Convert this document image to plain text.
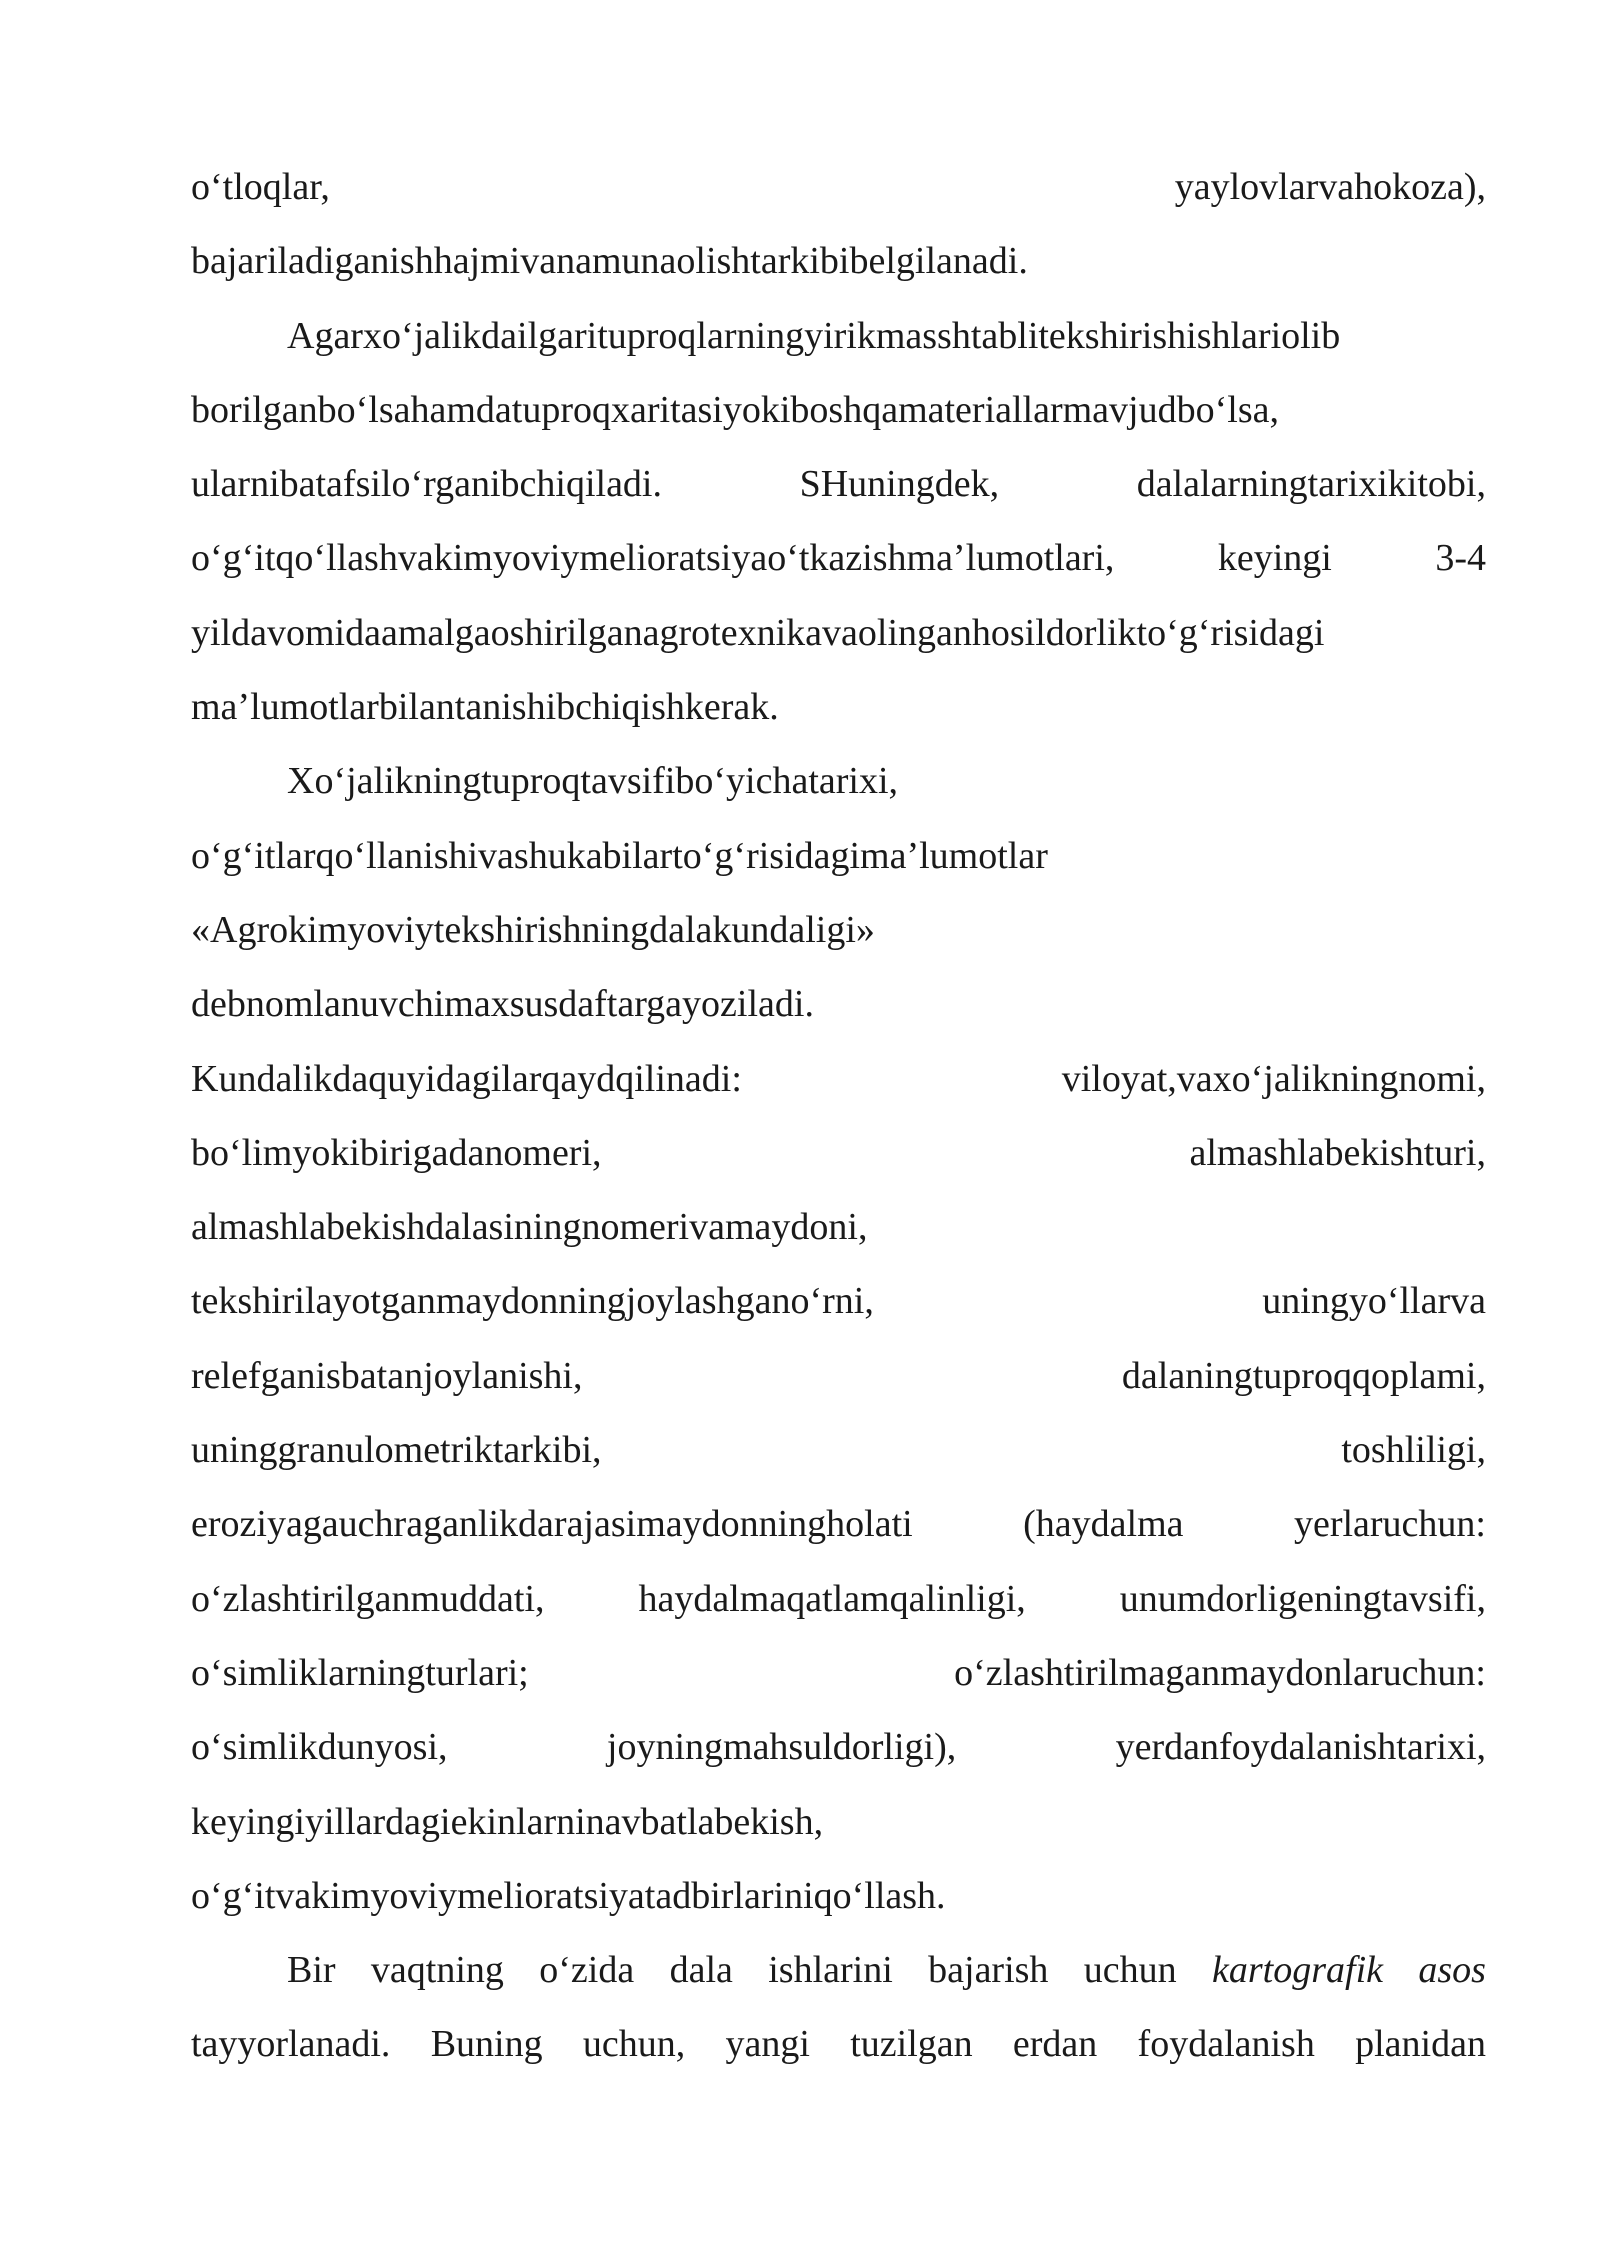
o‘tloqlar,	yaylovlarvahokoza),
bajariladiganishhajmivanamunaolishtarkibibelgilanadi.
Agarxo‘jalikdailgarituproqlarningyirikmasshtablitekshirishishlariolib
borilganbo‘lsahamdatuproqxaritasiyokiboshqamateriallarmavjudbo‘lsa,
ularnibatafsilo‘rganibchiqiladi.	SHuningdek,	dalalarningtarixikitobi,
o‘g‘itqo‘llashvakimyoviymelioratsiyao‘tkazishma’lumotlari,	keyingi	3-4
yildavomidaamalgaoshirilganagrotexnikavaolinganhosildorlikto‘g‘risidagi
ma’lumotlarbilantanishibchiqishkerak.
Xo‘jalikningtuproqtavsifibo‘yichatarixi,
o‘g‘itlarqo‘llanishivashukabilarto‘g‘risidagima’lumotlar
«Agrokimyoviytekshirishningdalakundaligi»
debnomlanuvchimaxsusdaftargayoziladi.
Kundalikdaquyidagilarqaydqilinadi:	viloyat,vaxo‘jalikningnomi,
bo‘limyokibirigadanomeri,	almashlabekishturi,
almashlabekishdalasiningnomerivamaydoni,
tekshirilayotganmaydonningjoylashgano‘rni,	uningyo‘llarva
relefganisbatanjoylanishi,	dalaningtuproqqoplami,
uninggranulometriktarkibi,	toshliligi,
eroziyagauchraganlikdarajasimaydonningholati	(haydalma	yerlaruchun:
o‘zlashtirilganmuddati, haydalmaqatlamqalinligi, unumdorligeningtavsifi,
o‘simliklarningturlari;	o‘zlashtirilmaganmaydonlaruchun:
o‘simlikdunyosi,	joyningmahsuldorligi),	yerdanfoydalanishtarixi,
keyingiyillardagiekinlarninavbatlabekish,
o‘g‘itvakimyoviymelioratsiyatadbirlariniqo‘llash.
Bir vaqtning o‘zida dala ishlarini bajarish uchun kartografik asos
tayyorlanadi. Buning uchun, yangi tuzilgan erdan foydalanish planidan
